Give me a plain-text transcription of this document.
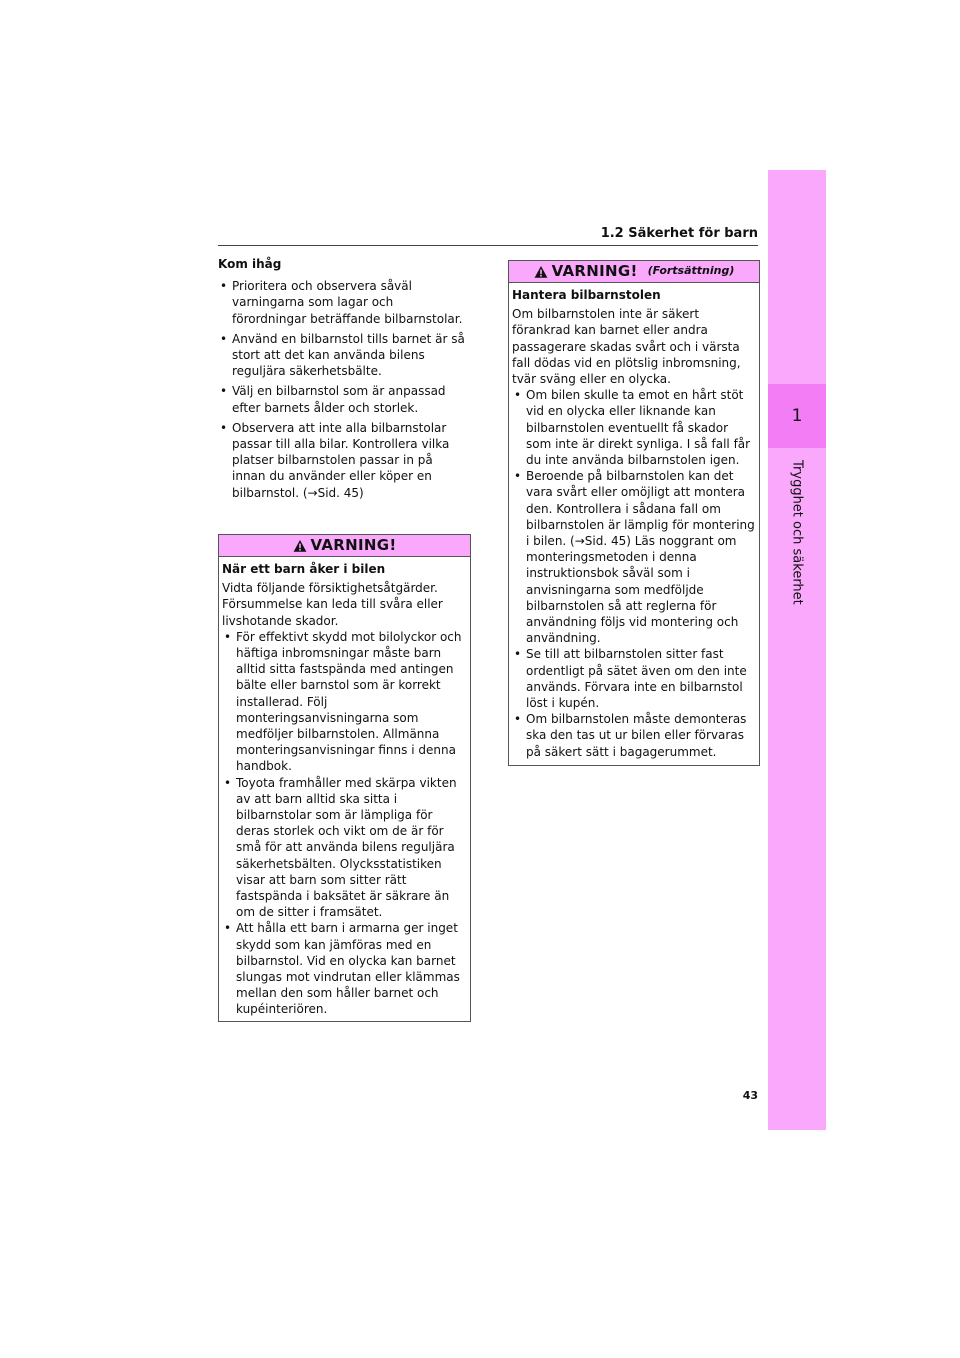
1
Trygghet och säkerhet
1.2 Säkerhet för barn
Kom ihåg
• Prioritera och observera såväl varningarna som lagar och förordningar beträffande bilbarnstolar.
• Använd en bilbarnstol tills barnet är så stort att det kan använda bilens reguljära säkerhetsbälte.
• Välj en bilbarnstol som är anpassad efter barnets ålder och storlek.
• Observera att inte alla bilbarnstolar passar till alla bilar. Kontrollera vilka platser bilbarnstolen passar in på innan du använder eller köper en bilbarnstol. (→Sid. 45)
VARNING!
När ett barn åker i bilen

Vidta följande försiktighetsåtgärder. Försummelse kan leda till svåra eller livshotande skador.

• För effektivt skydd mot bilolyckor och häftiga inbromsningar måste barn alltid sitta fastspända med antingen bälte eller barnstol som är korrekt installerad. Följ monteringsanvisningarna som medföljer bilbarnstolen. Allmänna monteringsanvisningar finns i denna handbok.
• Toyota framhåller med skärpa vikten av att barn alltid ska sitta i bilbarnstolar som är lämpliga för deras storlek och vikt om de är för små för att använda bilens reguljära säkerhetsbälten. Olycksstatistiken visar att barn som sitter rätt fastspända i baksätet är säkrare än om de sitter i framsätet.
• Att hålla ett barn i armarna ger inget skydd som kan jämföras med en bilbarnstol. Vid en olycka kan barnet slungas mot vindrutan eller klämmas mellan den som håller barnet och kupéinteriören.
VARNING! (Fortsättning)
Hantera bilbarnstolen

Om bilbarnstolen inte är säkert förankrad kan barnet eller andra passagerare skadas svårt och i värsta fall dödas vid en plötslig inbromsning, tvär sväng eller en olycka.

• Om bilen skulle ta emot en hårt stöt vid en olycka eller liknande kan bilbarnstolen eventuellt få skador som inte är direkt synliga. I så fall får du inte använda bilbarnstolen igen.
• Beroende på bilbarnstolen kan det vara svårt eller omöjligt att montera den. Kontrollera i sådana fall om bilbarnstolen är lämplig för montering i bilen. (→Sid. 45) Läs noggrant om monteringsmetoden i denna instruktionsbok såväl som i anvisningarna som medföljde bilbarnstolen så att reglerna för användning följs vid montering och användning.
• Se till att bilbarnstolen sitter fast ordentligt på sätet även om den inte används. Förvara inte en bilbarnstol löst i kupén.
• Om bilbarnstolen måste demonteras ska den tas ut ur bilen eller förvaras på säkert sätt i bagagerummet.
43
